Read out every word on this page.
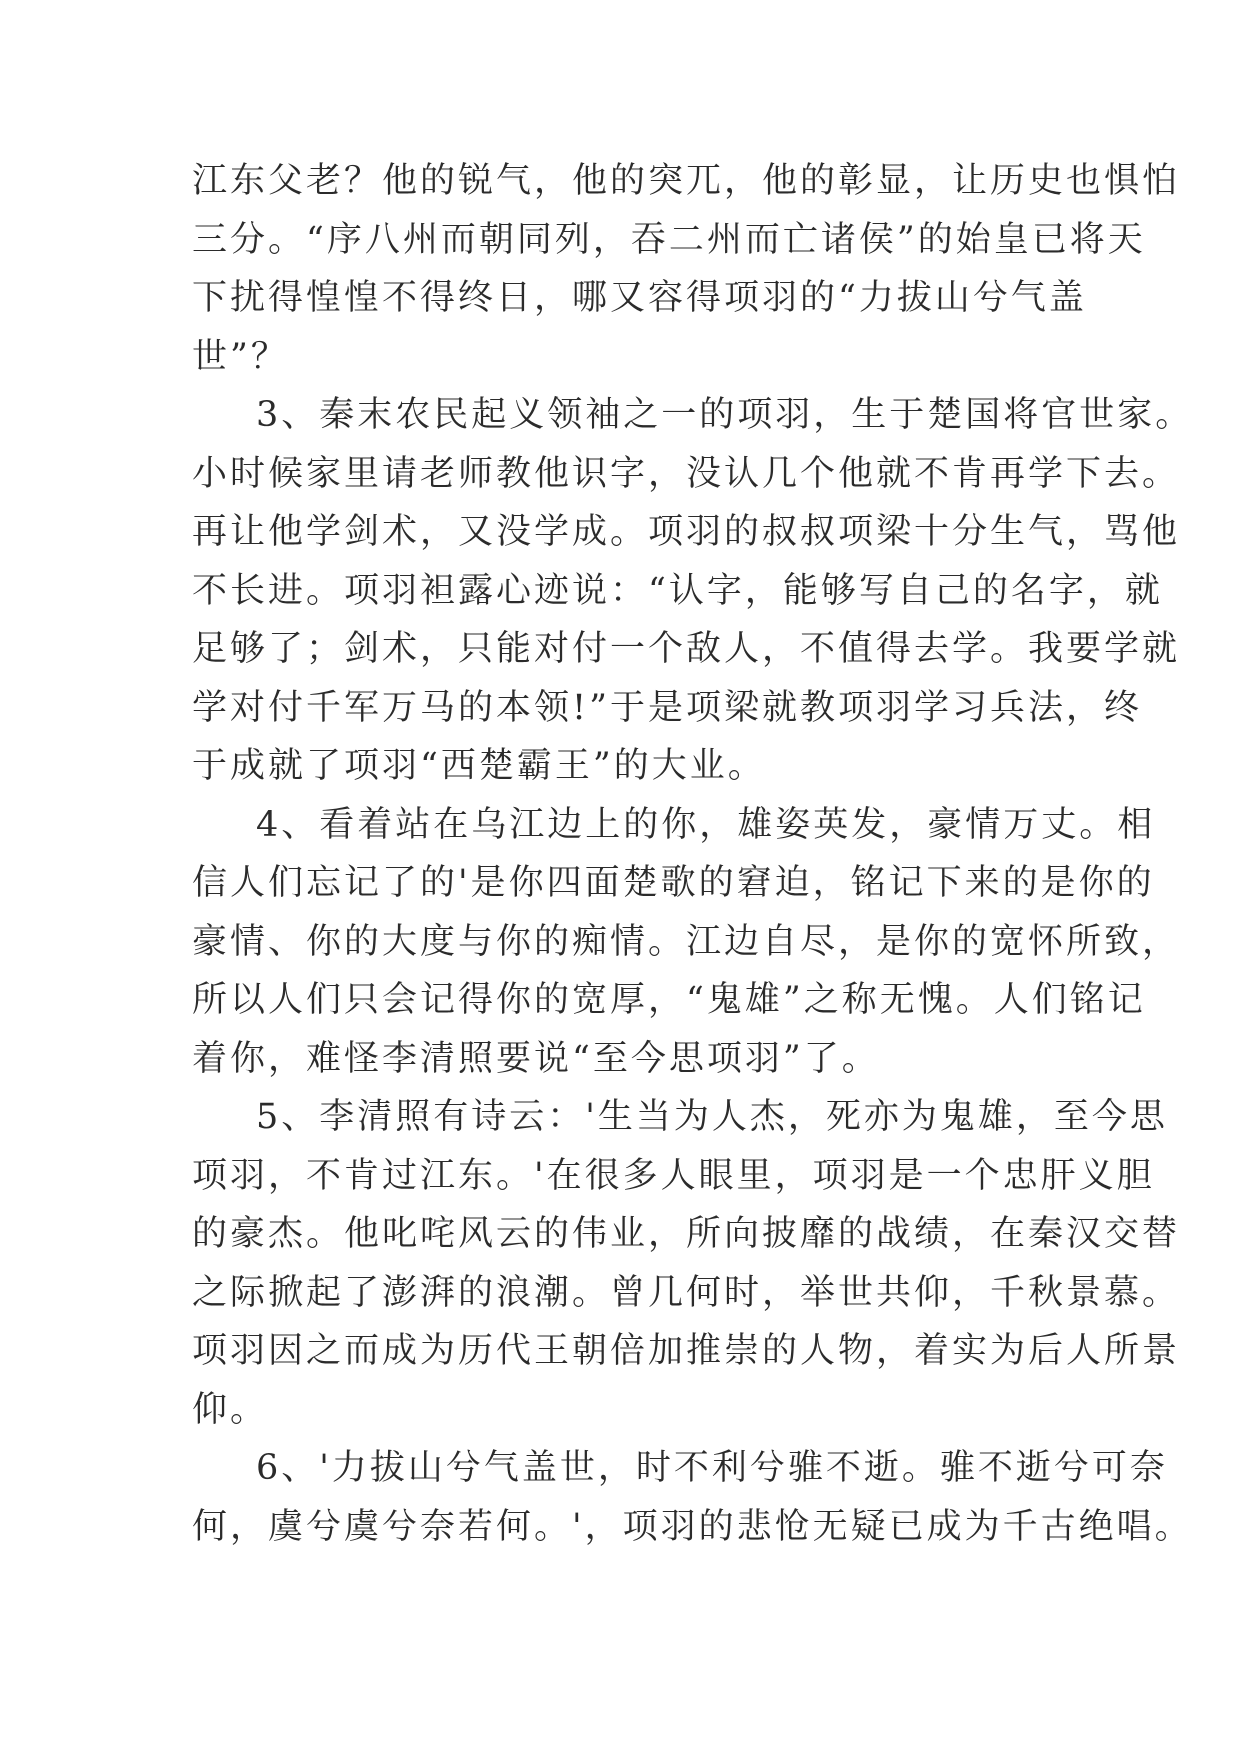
江东父老？他的锐气，他的突兀，他的彰显，让历史也惧怕
三分。“序八州而朝同列，吞二州而亡诸侯”的始皇已将天
下扰得惶惶不得终日，哪又容得项羽的“力拔山兮气盖
世”？
3、秦末农民起义领袖之一的项羽，生于楚国将官世家。
小时候家里请老师教他识字，没认几个他就不肯再学下去。
再让他学剑术，又没学成。项羽的叔叔项梁十分生气，骂他
不长进。项羽袒露心迹说：“认字，能够写自己的名字，就
足够了；剑术，只能对付一个敌人，不值得去学。我要学就
学对付千军万马的本领!”于是项梁就教项羽学习兵法，终
于成就了项羽“西楚霸王”的大业。
4、看着站在乌江边上的你，雄姿英发，豪情万丈。相
信人们忘记了的'是你四面楚歌的窘迫，铭记下来的是你的
豪情、你的大度与你的痴情。江边自尽，是你的宽怀所致，
所以人们只会记得你的宽厚，“鬼雄”之称无愧。人们铭记
着你，难怪李清照要说“至今思项羽”了。
5、李清照有诗云：'生当为人杰，死亦为鬼雄，至今思
项羽，不肯过江东。'在很多人眼里，项羽是一个忠肝义胆
的豪杰。他叱咤风云的伟业，所向披靡的战绩，在秦汉交替
之际掀起了澎湃的浪潮。曾几何时，举世共仰，千秋景慕。
项羽因之而成为历代王朝倍加推崇的人物，着实为后人所景
仰。
6、'力拔山兮气盖世，时不利兮骓不逝。骓不逝兮可奈
何，虞兮虞兮奈若何。'，项羽的悲怆无疑已成为千古绝唱。
